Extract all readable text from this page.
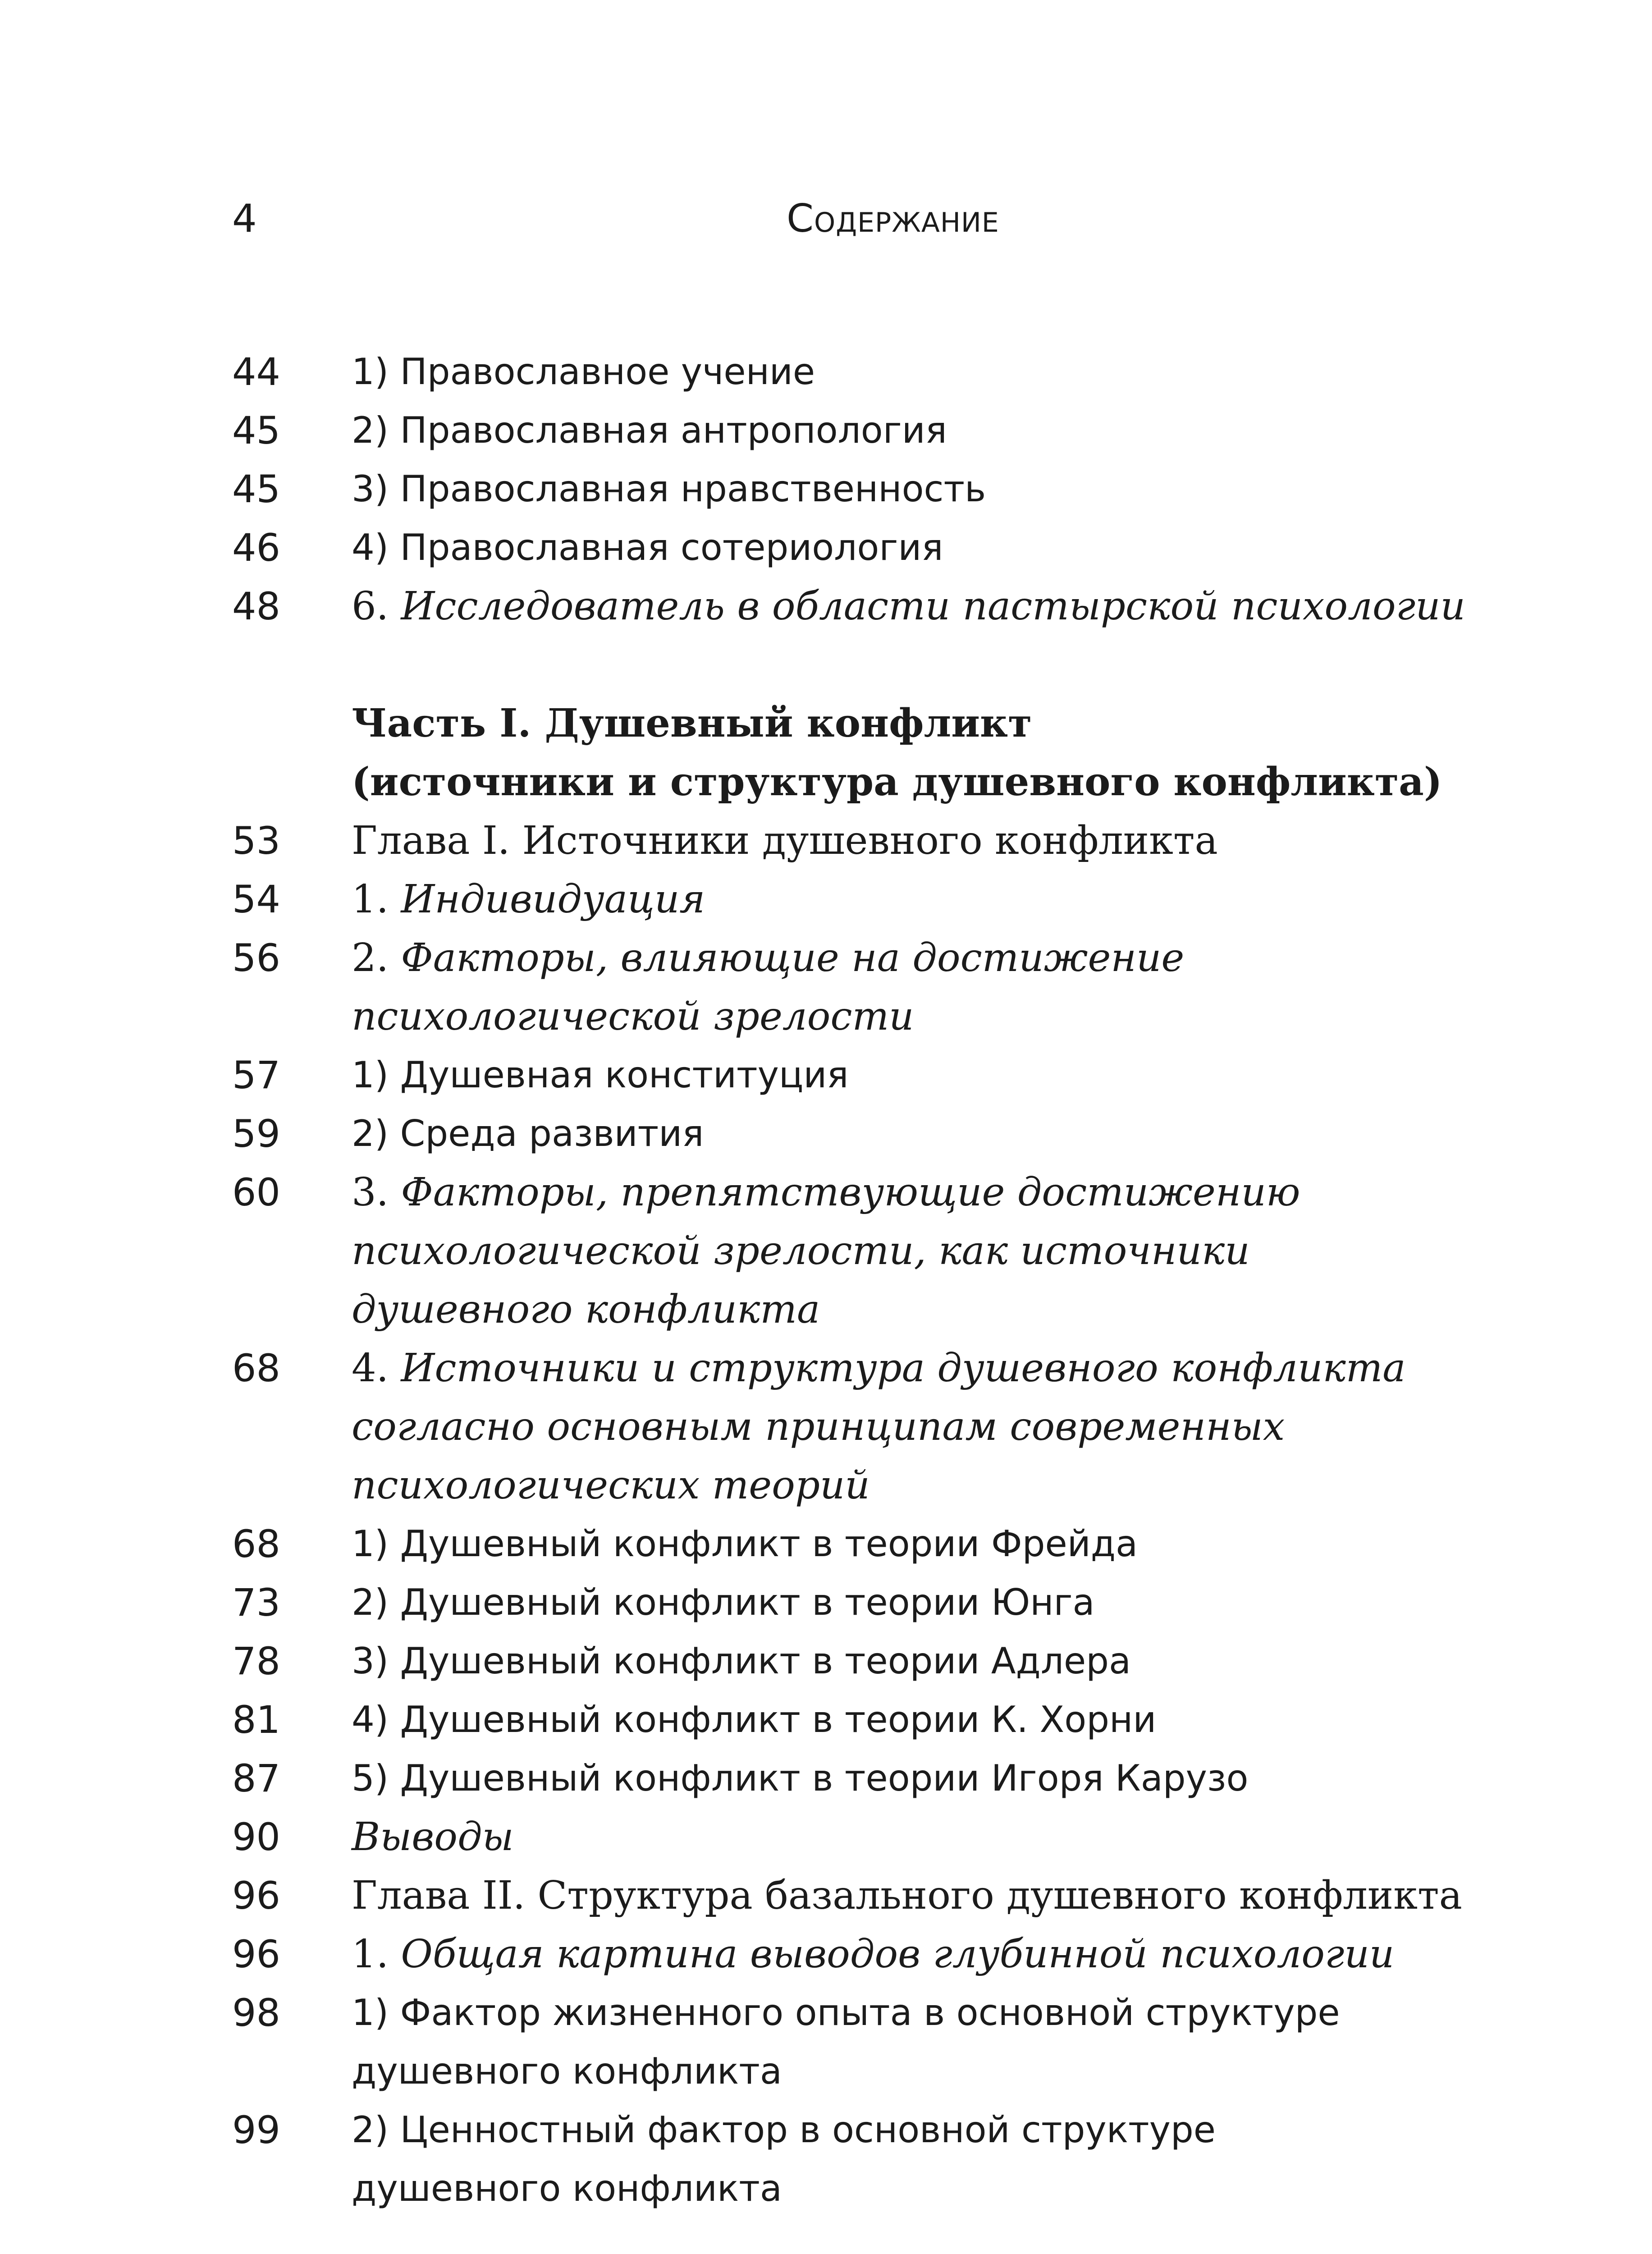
4	Содержание
44	1) Православное учение
45	2) Православная антропология
45	3) Православная нравственность
46	4) Православная сотериология
48	6. Исследователь в области пастырской психологии
Часть I. Душевный конфликт
(источники и структура душевного конфликта)
53	Глава I. Источники душевного конфликта
54	1. Индивидуация
56	2. Факторы, влияющие на достижение
психологической зрелости
57	1) Душевная конституция
59	2) Среда развития
60	3. Факторы, препятствующие достижению
психологической зрелости, как источники
душевного конфликта
68	4. Источники и структура душевного конфликта
согласно основным принципам современных
психологических теорий
68	1) Душевный конфликт в теории Фрейда
73	2) Душевный конфликт в теории Юнга
78	3) Душевный конфликт в теории Адлера
81	4) Душевный конфликт в теории К. Хорни
87	5) Душевный конфликт в теории Игоря Карузо
90	Выводы
96	Глава II. Структура базального душевного конфликта
96	1. Общая картина выводов глубинной психологии
98	1) Фактор жизненного опыта в основной структуре
душевного конфликта
99	2) Ценностный фактор в основной структуре
душевного конфликта
